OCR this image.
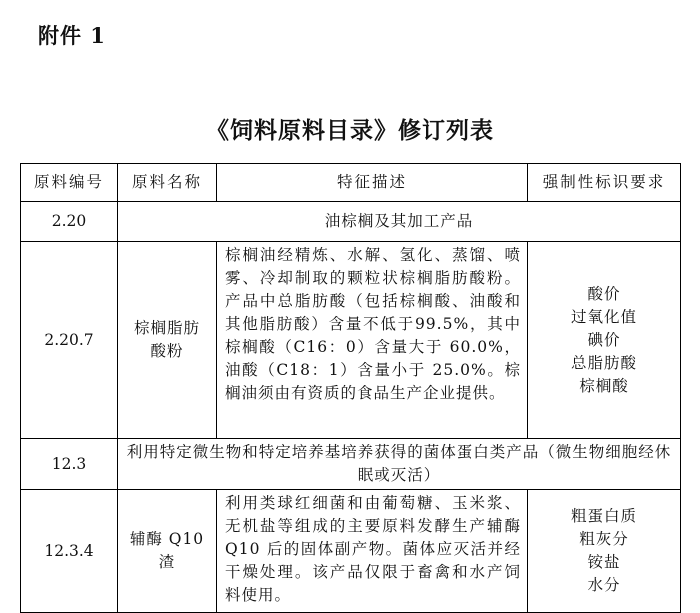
附件 1
《饲料原料目录》修订列表
原料编号	原料名称	特征描述	强制性标识要求
2.20	油棕榈及其加工产品		
2.20.7	棕榈脂肪酸粉	棕榈油经精炼、水解、氢化、蒸馏、喷雾、冷却制取的颗粒状棕榈脂肪酸粉。产品中总脂肪酸（包括棕榈酸、油酸和其他脂肪酸）含量不低于99.5%，其中棕榈酸（C16：0）含量大于 60.0%，油酸（C18：1）含量小于 25.0%。棕榈油须由有资质的食品生产企业提供。	酸价
过氧化值
碘价
总脂肪酸
棕榈酸

12.3	利用特定微生物和特定培养基培养获得的菌体蛋白类产品（微生物细胞经休眠或灭活）		
12.3.4	辅酶 Q10 渣	利用类球红细菌和由葡萄糖、玉米浆、无机盐等组成的主要原料发酵生产辅酶 Q10 后的固体副产物。菌体应灭活并经干燥处理。该产品仅限于畜禽和水产饲料使用。	粗蛋白质
粗灰分
铵盐
水分
